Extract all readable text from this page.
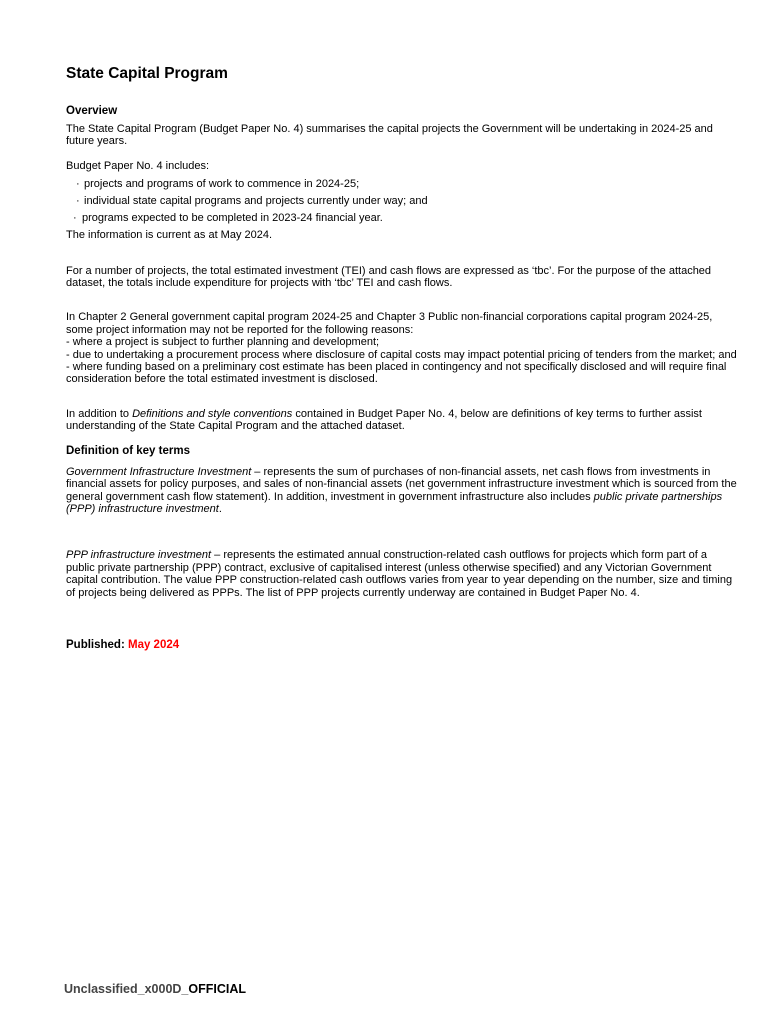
State Capital Program
Overview

The State Capital Program (Budget Paper No. 4) summarises the capital projects the Government will be undertaking in 2024-25 and future years.

Budget Paper No. 4 includes:

· projects and programs of work to commence in 2024-25;

· individual state capital programs and projects currently under way; and

· programs expected to be completed in 2023-24 financial year.

The information is current as at May 2024.

For a number of projects, the total estimated investment (TEI) and cash flows are expressed as ‘tbc’. For the purpose of the attached dataset, the totals include expenditure for projects with ‘tbc’ TEI and cash flows.

In Chapter 2 General government capital program 2024-25 and Chapter 3 Public non-financial corporations capital program 2024-25, some project information may not be reported for the following reasons:

- where a project is subject to further planning and development;

- due to undertaking a procurement process where disclosure of capital costs may impact potential pricing of tenders from the market; and

- where funding based on a preliminary cost estimate has been placed in contingency and not specifically disclosed and will require final consideration before the total estimated investment is disclosed.

In addition to Definitions and style conventions contained in Budget Paper No. 4, below are definitions of key terms to further assist understanding of the State Capital Program and the attached dataset.

Definition of key terms

Government Infrastructure Investment – represents the sum of purchases of non-financial assets, net cash flows from investments in financial assets for policy purposes, and sales of non-financial assets (net government infrastructure investment which is sourced from the general government cash flow statement). In addition, investment in government infrastructure also includes public private partnerships (PPP) infrastructure investment.

PPP infrastructure investment – represents the estimated annual construction-related cash outflows for projects which form part of a public private partnership (PPP) contract, exclusive of capitalised interest (unless otherwise specified) and any Victorian Government capital contribution. The value PPP construction-related cash outflows varies from year to year depending on the number, size and timing of projects being delivered as PPPs. The list of PPP projects currently underway are contained in Budget Paper No. 4.

Published: May 2024

Unclassified_x000D_OFFICIAL
